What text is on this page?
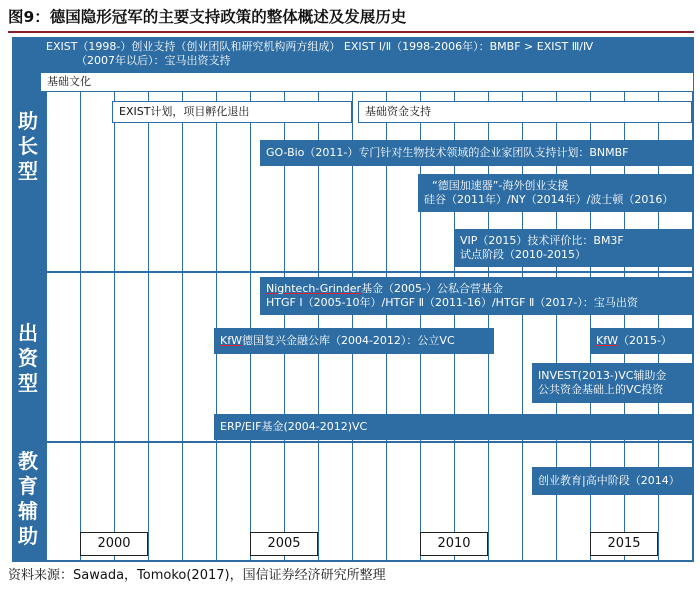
图9：德国隐形冠军的主要支持政策的整体概述及发展历史
EXIST（1998-）创业支持（创业团队和研究机构两方组成） EXIST Ⅰ/Ⅱ（1998-2006年）：BMBF > EXIST Ⅲ/Ⅳ
（2007年以后）：宝马出资支持
助
长
型
出
资
型
教
育
辅
助
基础文化
EXIST计划，项目孵化退出	基础资金支持
GO-Bio（2011-）专门针对生物技术领域的企业家团队支持计划：BNMBF
“德国加速器”-海外创业支援
硅谷（2011年）/NY（2014年）/波士顿（2016）
VIP（2015）技术评价比：BM3F
试点阶段（2010-2015）
Nightech-Grinder基金（2005-）公私合营基金
HTGF Ⅰ（2005-10年）/HTGF Ⅱ（2011-16）/HTGF Ⅱ（2017-）：宝马出资
KfW德国复兴金融公库（2004-2012）：公立VC	KfW（2015-）
INVEST(2013-)VC辅助金
公共资金基础上的VC投资
ERP/EIF基金(2004-2012)VC
创业教育|高中阶段（2014）
2000	2005	2010	2015
资料来源：Sawada，Tomoko(2017)，国信证券经济研究所整理
